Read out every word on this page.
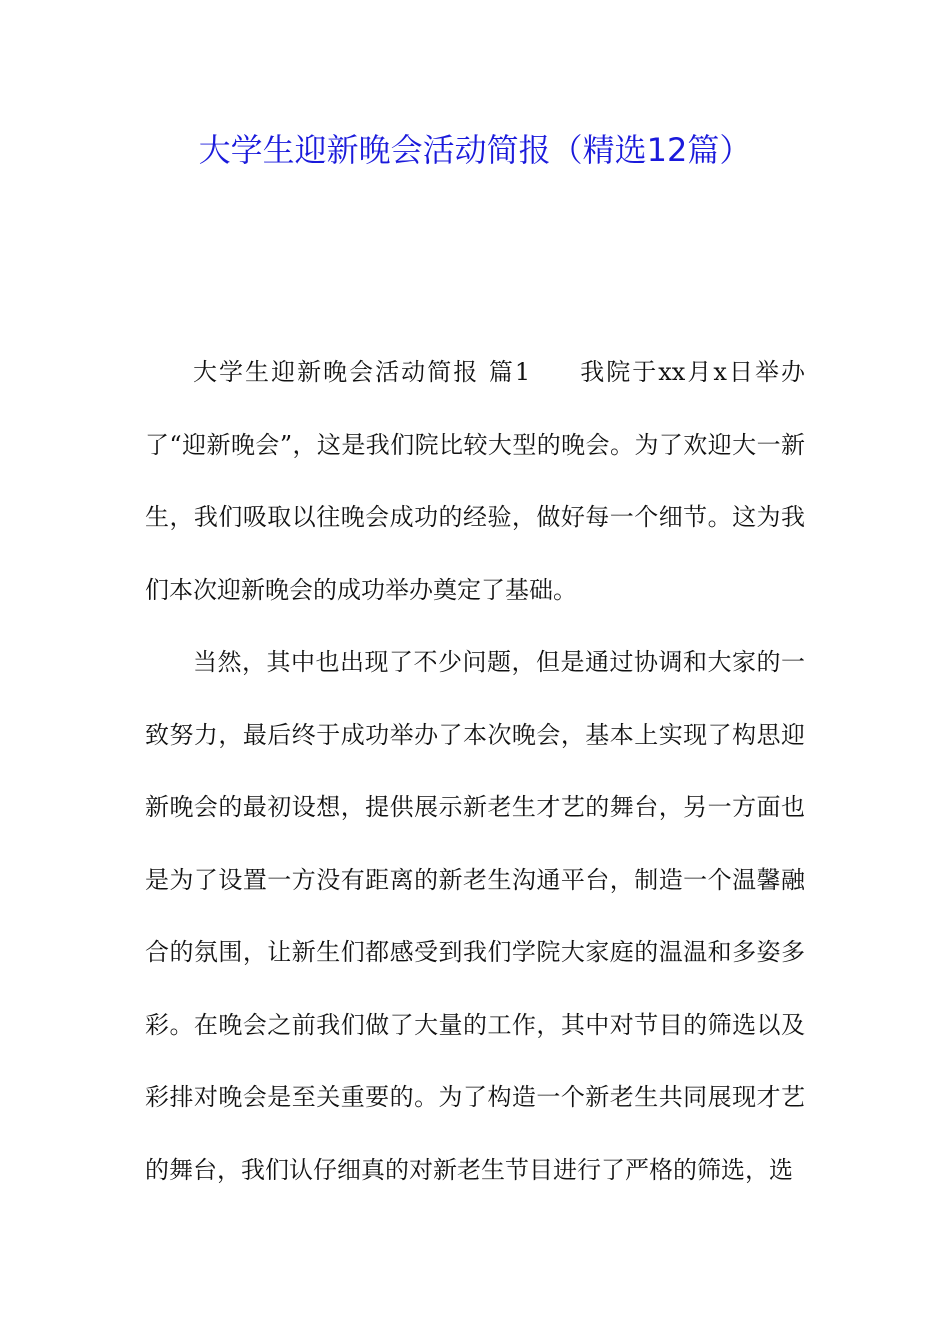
大学生迎新晚会活动简报（精选12篇）

大学生迎新晚会活动简报 篇1 我院于xx月x日举办了“迎新晚会”，这是我们院比较大型的晚会。为了欢迎大一新生，我们吸取以往晚会成功的经验，做好每一个细节。这为我们本次迎新晚会的成功举办奠定了基础。

当然，其中也出现了不少问题，但是通过协调和大家的一致努力，最后终于成功举办了本次晚会，基本上实现了构思迎新晚会的最初设想，提供展示新老生才艺的舞台，另一方面也是为了设置一方没有距离的新老生沟通平台，制造一个温馨融合的氛围，让新生们都感受到我们学院大家庭的温温和多姿多彩。在晚会之前我们做了大量的工作，其中对节目的筛选以及彩排对晚会是至关重要的。为了构造一个新老生共同展现才艺的舞台，我们认仔细真的对新老生节目进行了严格的筛选，选
